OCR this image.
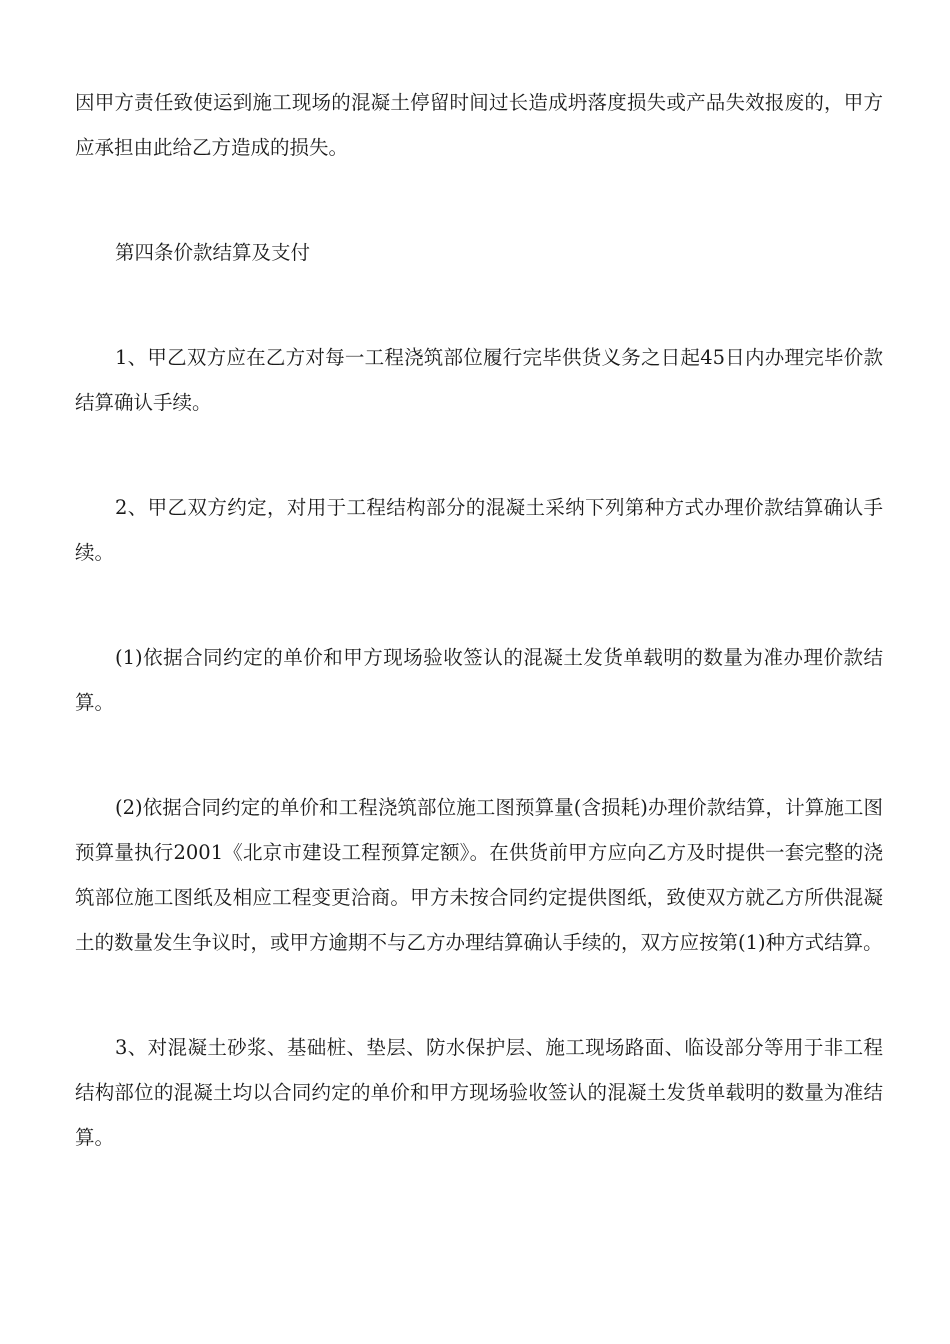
因甲方责任致使运到施工现场的混凝土停留时间过长造成坍落度损失或产品失效报废的，甲方应承担由此给乙方造成的损失。

第四条价款结算及支付

1、甲乙双方应在乙方对每一工程浇筑部位履行完毕供货义务之日起45日内办理完毕价款结算确认手续。

2、甲乙双方约定，对用于工程结构部分的混凝土采纳下列第种方式办理价款结算确认手续。

(1)依据合同约定的单价和甲方现场验收签认的混凝土发货单载明的数量为准办理价款结算。

(2)依据合同约定的单价和工程浇筑部位施工图预算量(含损耗)办理价款结算，计算施工图预算量执行2001《北京市建设工程预算定额》。在供货前甲方应向乙方及时提供一套完整的浇筑部位施工图纸及相应工程变更洽商。甲方未按合同约定提供图纸，致使双方就乙方所供混凝土的数量发生争议时，或甲方逾期不与乙方办理结算确认手续的，双方应按第(1)种方式结算。

3、对混凝土砂浆、基础桩、垫层、防水保护层、施工现场路面、临设部分等用于非工程结构部位的混凝土均以合同约定的单价和甲方现场验收签认的混凝土发货单载明的数量为准结算。
